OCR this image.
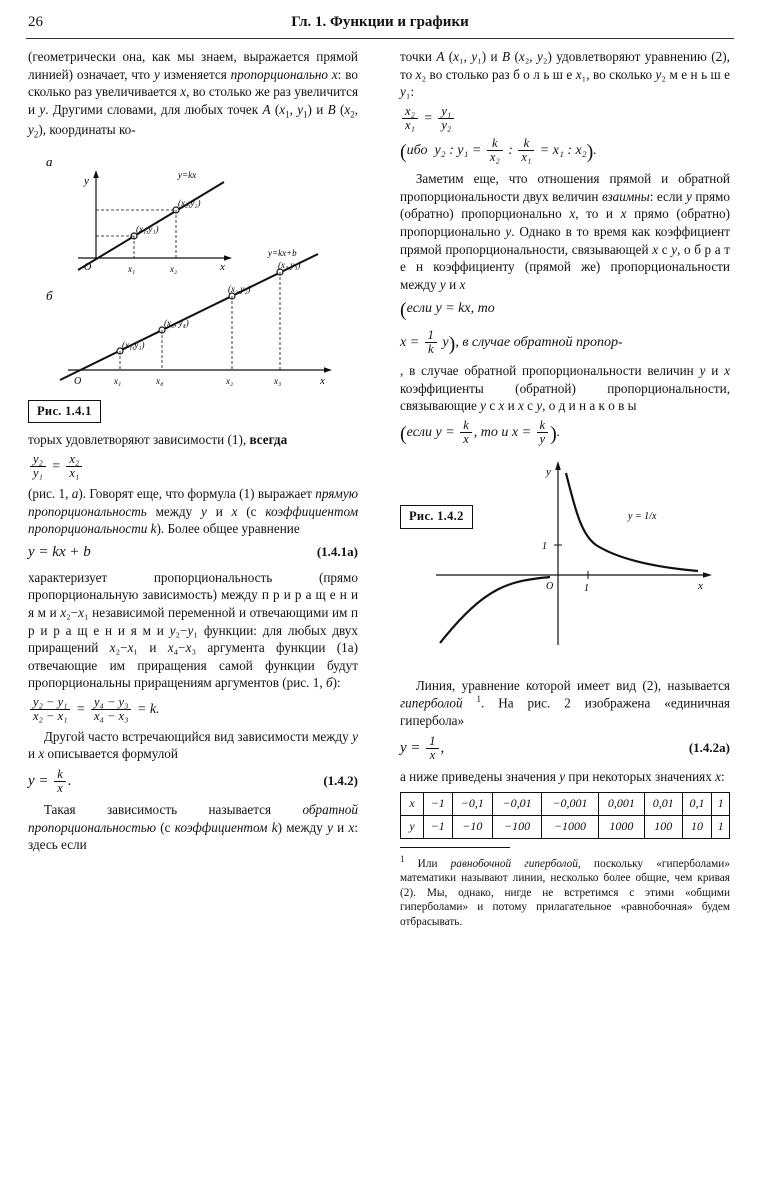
26	Гл. 1. Функции и графики

(геометрически она, как мы знаем, выражается прямой линией) означает, что y изменяется пропорционально x: во сколько раз увеличивается x, во столько же раз увеличится и y. Другими словами, для любых точек A ($x_1$, $y_1$) и B ($x_2$, $y_2$), координаты ко-

a
y
x
y=kx
(x₁,y₁)
(x₂,y₂)
x₁	x₂
O
б
x
O
y=kx+b
(x₁,y₁)
(x₄, y₄)
(x₂,y₂)
(x₃,y₃)
x₁	x₄	x₂	x₃
Рис. 1.4.1

торых удовлетворяют зависимости (1), всегда

$\frac{\text{y₂}}{\text{y₁}} = \frac{\text{x₂}}{\text{x₁}}$

(рис. 1, а). Говорят еще, что формула (1) выражает прямую пропорциональность между у и x (с коэффициентом пропорциональности k). Более общее уравнение

y = kx + b	(1.4.1a)

характеризует пропорциональность (прямо пропорциональную зависимость) между п р и р а щ е н и я м и x₂−x₁ независимой переменной и отвечающими им п р и р а щ е н и я м и y₂−y₁ функции: для любых двух приращений x₂−x₁ и x₄−x₃ аргумента функции (1а) отвечающие им приращения самой функции будут пропорциональны приращениям аргументов (рис. 1, б):

$\frac{\text{y₂ − y₁}}{\text{x₂ − x₁}} = \frac{\text{y₄ − y₃}}{\text{x₄ − x₃}} = k$.

Другой часто встречающийся вид зависимости между у и x описывается формулой

$y = \frac{k}{x}$ .	(1.4.2)

Такая зависимость называется обратной пропорциональностью (с коэффициентом k) между у и x: здесь если

точки A (x₁, y₁) и B (x₂, y₂) удовлетворяют уравнению (2), то x₂ во столько раз б о л ь ш е x₁, во сколько y₂ м е н ь ш е y₁:

$\frac{\text{x₂}}{\text{x₁}} = \frac{\text{y₁}}{\text{y₂}}$
(ибо  y₂ : $y_1 = \frac{k}{\text{x₂}}$ : $\frac{k}{\text{x₁}} = x_1$ : x₂).

Заметим еще, что отношения прямой и обратной пропорциональности двух величин взаимны: если у прямо (обратно) пропорционально x, то и x прямо (обратно) пропорционально у. Однако в то время как коэффициент прямой пропорциональности, связывающей x с у, о б р а т е н коэффициенту (прямой же) пропорциональности между у и x

(если y = kx, то
$x = \frac{1}{k} y$), в случае обратной пропор-

, в случае обратной пропорциональности величин у и x коэффициенты (обратной) пропорциональности, связывающие у с x и x с у, о д и н а к о в ы

(если $y = \frac{k}{x}$ , то и $x = \frac{k}{y}$ ).
y
x
O
1
1
y = 1/x
Рис. 1.4.2

Линия, уравнение которой имеет вид (2), называется гиперболой $^1$. На рис. 2 изображена «единичная гипербола»

$y = \frac{1}{x}$ ,	(1.4.2a)

а ниже приведены значения у при некоторых значениях x:

x	−1	−0,1	−0,01	−0,001	0,001	0,01	0,1	1
y	−1	−10	−100	−1000	1000	100	10	1
$^1$ Или равнобочной гиперболой, поскольку «гиперболами» математики называют линии, несколько более общие, чем кривая (2). Мы, однако, нигде не встретимся с этими «общими гиперболами» и потому прилагательное «равнобочная» будем отбрасывать.
